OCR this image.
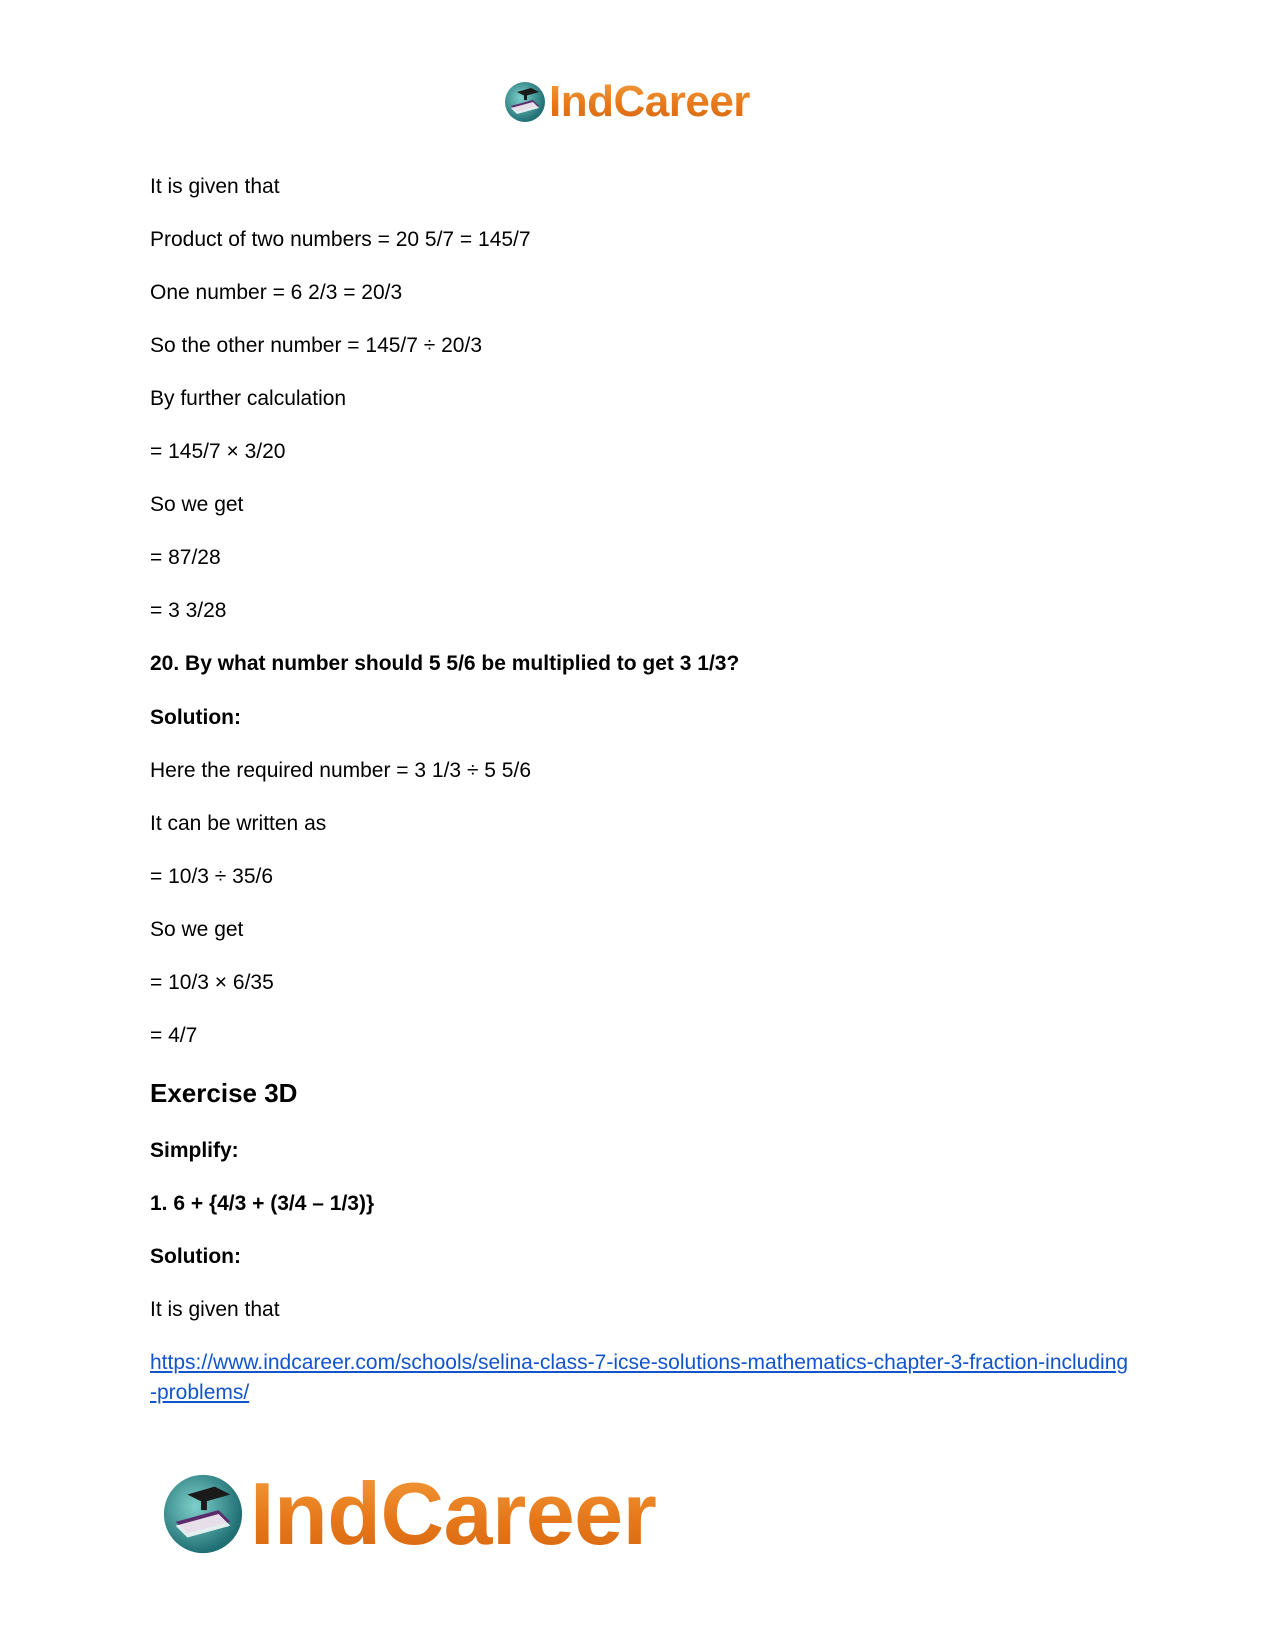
IndCareer

It is given that

Product of two numbers = 20 5/7 = 145/7

One number = 6 2/3 = 20/3

So the other number = 145/7 ÷ 20/3

By further calculation

= 145/7 × 3/20

So we get

= 87/28

= 3 3/28

20. By what number should 5 5/6 be multiplied to get 3 1/3?

Solution:

Here the required number = 3 1/3 ÷ 5 5/6

It can be written as

= 10/3 ÷ 35/6

So we get

= 10/3 × 6/35

= 4/7

Exercise 3D

Simplify:

1. 6 + {4/3 + (3/4 – 1/3)}

Solution:

It is given that

https://www.indcareer.com/schools/selina-class-7-icse-solutions-mathematics-chapter-3-fraction-including-problems/
IndCareer
